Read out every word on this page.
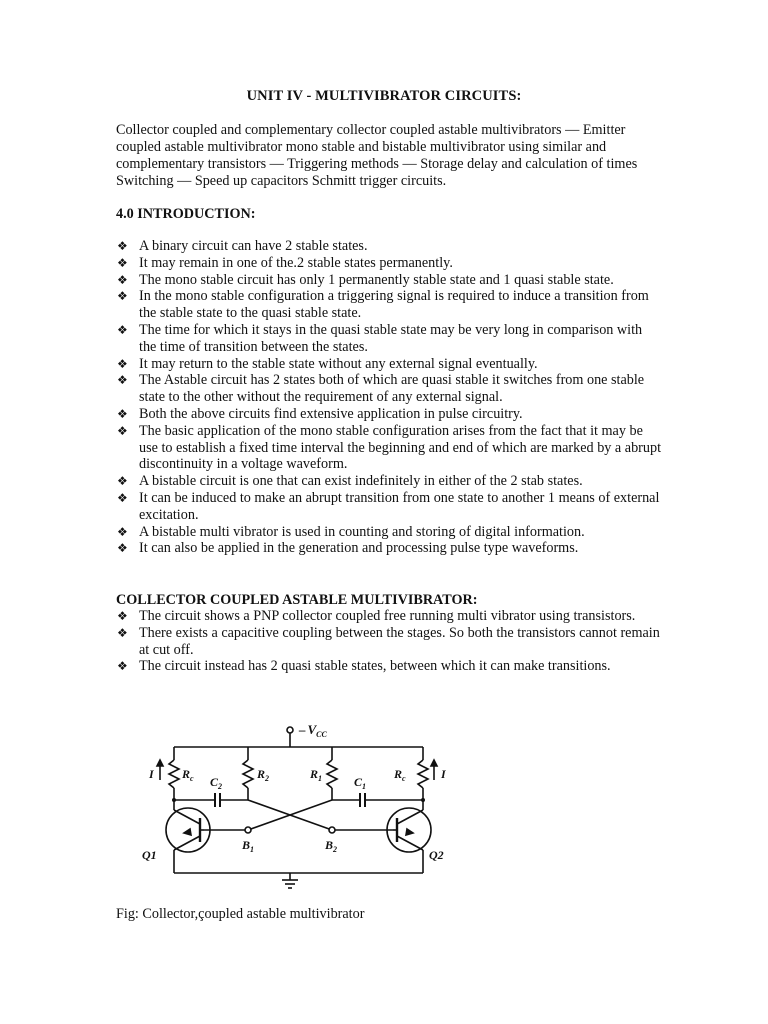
UNIT IV - MULTIVIBRATOR CIRCUITS:

Collector coupled and complementary collector coupled astable multivibrators — Emitter coupled astable multivibrator mono stable and bistable multivibrator using similar and complementary transistors — Triggering methods — Storage delay and calculation of times Switching — Speed up capacitors Schmitt trigger circuits.

4.0 INTRODUCTION:

❖ A binary circuit can have 2 stable states.
❖ It may remain in one of the.2 stable states permanently.
❖ The mono stable circuit has only 1 permanently stable state and 1 quasi stable state.
❖ In the mono stable configuration a triggering signal is required to induce a transition from the stable state to the quasi stable state.
❖ The time for which it stays in the quasi stable state may be very long in comparison with the time of transition between the states.
❖ It may return to the stable state without any external signal eventually.
❖ The Astable circuit has 2 states both of which are quasi stable it switches from one stable state to the other without the requirement of any external signal.
❖ Both the above circuits find extensive application in pulse circuitry.
❖ The basic application of the mono stable configuration arises from the fact that it may be use to establish a fixed time interval the beginning and end of which are marked by a abrupt discontinuity in a voltage waveform.
❖ A bistable circuit is one that can exist indefinitely in either of the 2 stab states.
❖ It can be induced to make an abrupt transition from one state to another 1 means of external excitation.
❖ A bistable multi vibrator is used in counting and storing of digital information.
❖ It can also be applied in the generation and processing pulse type waveforms.

COLLECTOR COUPLED ASTABLE MULTIVIBRATOR:

❖ The circuit shows a PNP collector coupled free running multi vibrator using transistors.
❖ There exists a capacitive coupling between the stages. So both the transistors cannot remain at cut off.
❖ The circuit instead has 2 quasi stable states, between which it can make transitions.
– $V_{CC}$
$R_c$
I	$R_2$	$R_1$	$R_c$	I
$C_2$	$C_1$
$B_1$	$B_2$
Q1	Q2
Fig: Collector,çoupled astable multivibrator
